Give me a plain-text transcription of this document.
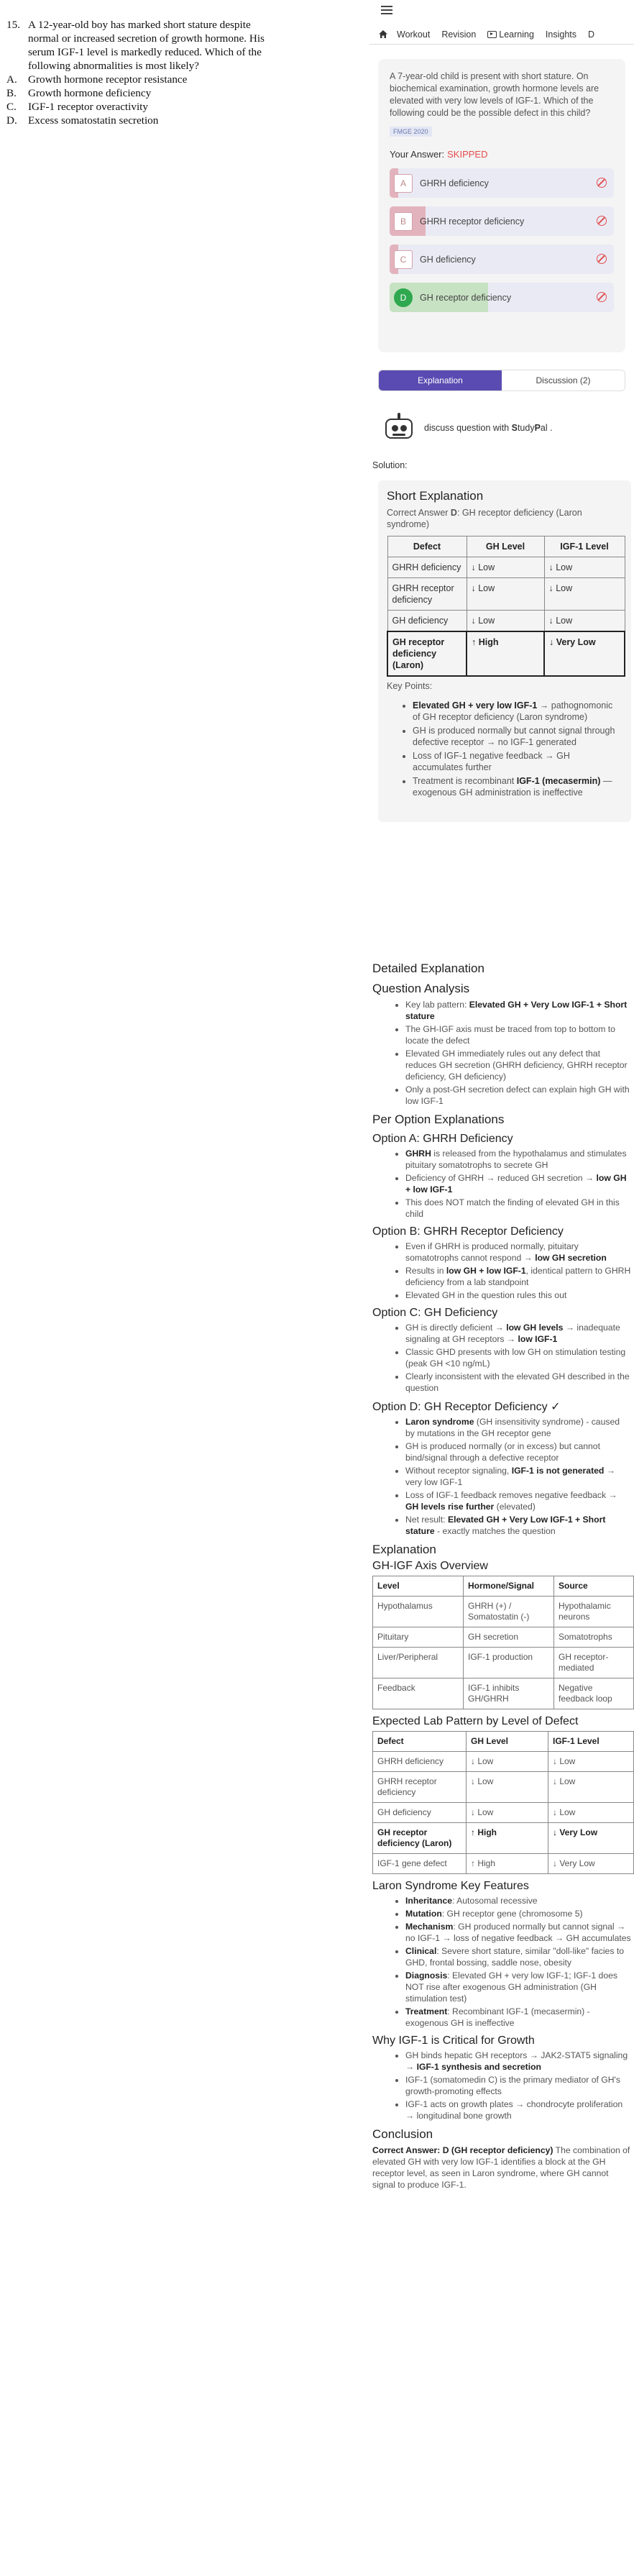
15. A 12-year-old boy has marked short stature despite
normal or increased secretion of growth hormone. His
serum IGF-1 level is markedly reduced. Which of the
following abnormalities is most likely?
A.	Growth hormone receptor resistance
B.	Growth hormone deficiency
C.	IGF-1 receptor overactivity
D.	Excess somatostatin secretion
Workout Revision	Learning Insights D
A 7-year-old child is present with short stature. On biochemical examination, growth hormone levels are elevated with very low levels of IGF-1. Which of the following could be the possible defect in this child?
FMGE 2020
Your Answer: SKIPPED
A	GHRH deficiency
B	GHRH receptor deficiency
C	GH deficiency
D	GH receptor deficiency
Explanation	Discussion (2)
discuss question with StudyPal .
Solution:
Short Explanation
Correct Answer D: GH receptor deficiency (Laron syndrome)
Defect	GH Level	IGF-1 Level
GHRH deficiency	↓ Low	↓ Low
GHRH receptor deficiency	↓ Low	↓ Low
GH deficiency	↓ Low	↓ Low
GH receptor deficiency (Laron)	↑ High	↓ Very Low
Key Points:
• Elevated GH + very low IGF-1 → pathognomonic of GH receptor deficiency (Laron syndrome)
• GH is produced normally but cannot signal through defective receptor → no IGF-1 generated
• Loss of IGF-1 negative feedback → GH accumulates further
• Treatment is recombinant IGF-1 (mecasermin) — exogenous GH administration is ineffective
Detailed Explanation
Question Analysis
• Key lab pattern: Elevated GH + Very Low IGF-1 + Short stature
• The GH-IGF axis must be traced from top to bottom to locate the defect
• Elevated GH immediately rules out any defect that reduces GH secretion (GHRH deficiency, GHRH receptor deficiency, GH deficiency)
• Only a post-GH secretion defect can explain high GH with low IGF-1
Per Option Explanations
Option A: GHRH Deficiency
• GHRH is released from the hypothalamus and stimulates pituitary somatotrophs to secrete GH
• Deficiency of GHRH → reduced GH secretion → low GH + low IGF-1
• This does NOT match the finding of elevated GH in this child
Option B: GHRH Receptor Deficiency
• Even if GHRH is produced normally, pituitary somatotrophs cannot respond → low GH secretion
• Results in low GH + low IGF-1, identical pattern to GHRH deficiency from a lab standpoint
• Elevated GH in the question rules this out
Option C: GH Deficiency
• GH is directly deficient → low GH levels → inadequate signaling at GH receptors → low IGF-1
• Classic GHD presents with low GH on stimulation testing (peak GH <10 ng/mL)
• Clearly inconsistent with the elevated GH described in the question
Option D: GH Receptor Deficiency ✓
• Laron syndrome (GH insensitivity syndrome) - caused by mutations in the GH receptor gene
• GH is produced normally (or in excess) but cannot bind/signal through a defective receptor
• Without receptor signaling, IGF-1 is not generated → very low IGF-1
• Loss of IGF-1 feedback removes negative feedback → GH levels rise further (elevated)
• Net result: Elevated GH + Very Low IGF-1 + Short stature - exactly matches the question
Explanation
GH-IGF Axis Overview
Level	Hormone/Signal	Source
Hypothalamus	GHRH (+) / Somatostatin (-)	Hypothalamic neurons
Pituitary	GH secretion	Somatotrophs
Liver/Peripheral	IGF-1 production	GH receptor-mediated
Feedback	IGF-1 inhibits GH/GHRH	Negative feedback loop
Expected Lab Pattern by Level of Defect
Defect	GH Level	IGF-1 Level
GHRH deficiency	↓ Low	↓ Low
GHRH receptor deficiency	↓ Low	↓ Low
GH deficiency	↓ Low	↓ Low
GH receptor deficiency (Laron)	↑ High	↓ Very Low
IGF-1 gene defect	↑ High	↓ Very Low
Laron Syndrome Key Features
• Inheritance: Autosomal recessive
• Mutation: GH receptor gene (chromosome 5)
• Mechanism: GH produced normally but cannot signal → no IGF-1 → loss of negative feedback → GH accumulates
• Clinical: Severe short stature, similar "doll-like" facies to GHD, frontal bossing, saddle nose, obesity
• Diagnosis: Elevated GH + very low IGF-1; IGF-1 does NOT rise after exogenous GH administration (GH stimulation test)
• Treatment: Recombinant IGF-1 (mecasermin) - exogenous GH is ineffective
Why IGF-1 is Critical for Growth
• GH binds hepatic GH receptors → JAK2-STAT5 signaling → IGF-1 synthesis and secretion
• IGF-1 (somatomedin C) is the primary mediator of GH's growth-promoting effects
• IGF-1 acts on growth plates → chondrocyte proliferation → longitudinal bone growth
Conclusion

Correct Answer: D (GH receptor deficiency) The combination of elevated GH with very low IGF-1 identifies a block at the GH receptor level, as seen in Laron syndrome, where GH cannot signal to produce IGF-1.
